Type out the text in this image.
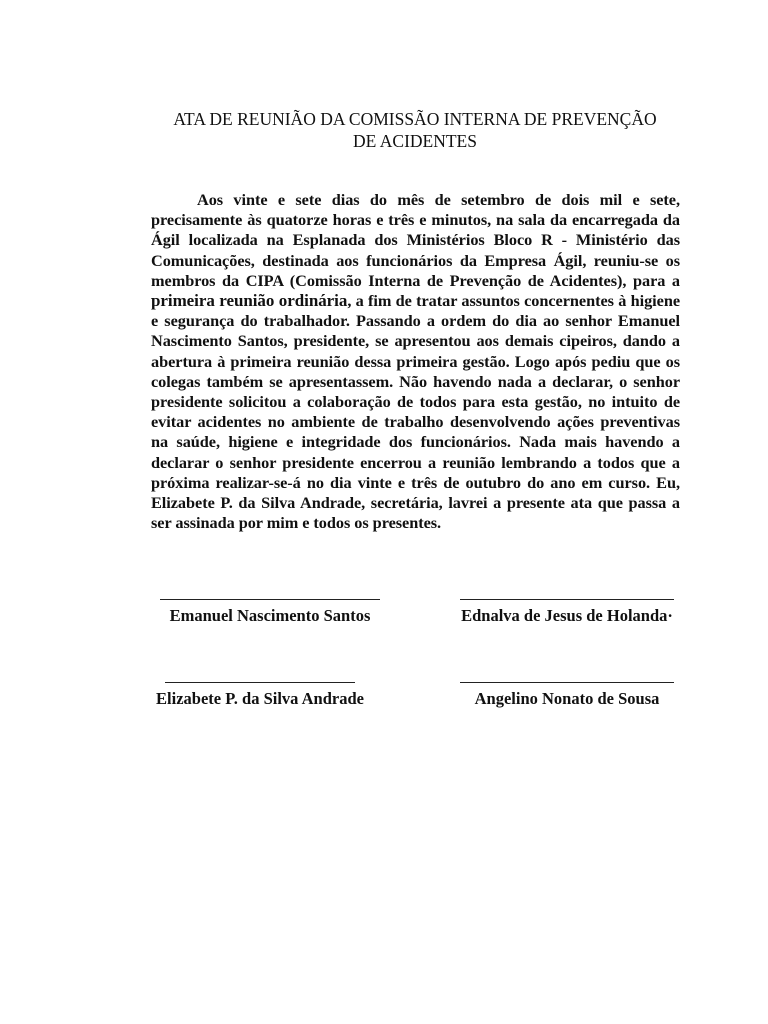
ATA DE REUNIÃO DA COMISSÃO INTERNA DE PREVENÇÃO
DE ACIDENTES

Aos vinte e sete dias do mês de setembro de dois mil e sete, precisamente às quatorze horas e três e minutos, na sala da encarregada da Ágil localizada na Esplanada dos Ministérios Bloco R - Ministério das Comunicações, destinada aos funcionários da Empresa Ágil, reuniu-se os membros da CIPA (Comissão Interna de Prevenção de Acidentes), para a primeira reunião ordinária, a fim de tratar assuntos concernentes à higiene e segurança do trabalhador. Passando a ordem do dia ao senhor Emanuel Nascimento Santos, presidente, se apresentou aos demais cipeiros, dando a abertura à primeira reunião dessa primeira gestão. Logo após pediu que os colegas também se apresentassem. Não havendo nada a declarar, o senhor presidente solicitou a colaboração de todos para esta gestão, no intuito de evitar acidentes no ambiente de trabalho desenvolvendo ações preventivas na saúde, higiene e integridade dos funcionários. Nada mais havendo a declarar o senhor presidente encerrou a reunião lembrando a todos que a próxima realizar-se-á no dia vinte e três de outubro do ano em curso. Eu, Elizabete P. da Silva Andrade, secretária, lavrei a presente ata que passa a ser assinada por mim e todos os presentes.

Emanuel Nascimento Santos	Ednalva de Jesus de Holanda·
Elizabete P. da Silva Andrade	Angelino Nonato de Sousa
